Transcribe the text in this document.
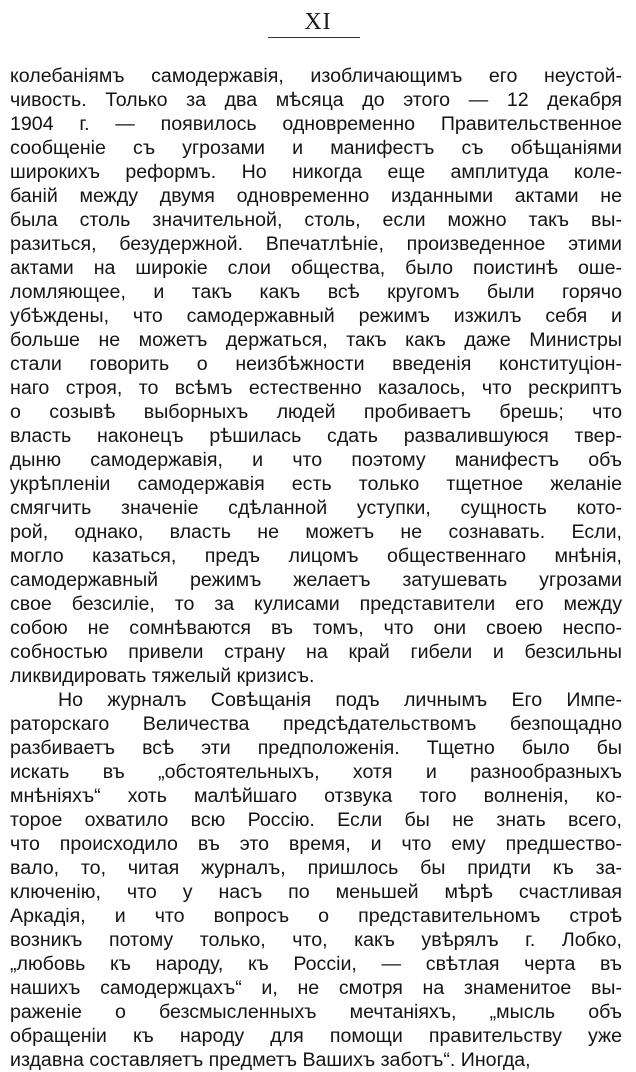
XI
колебаніямъ самодержавія, изобличающимъ его неустой-
чивость. Только за два мѣсяца до этого — 12 декабря
1904 г. — появилось одновременно Правительственное
сообщеніе съ угрозами и манифестъ съ обѣщаніями
широкихъ реформъ. Но никогда еще амплитуда коле-
баній между двумя одновременно изданными актами не
была столь значительной, столь, если можно такъ вы-
разиться, безудержной. Впечатлѣніе, произведенное этими
актами на широкіе слои общества, было поистинѣ ошe-
ломляющее, и такъ какъ всѣ кругомъ были горячо
убѣждены, что самодержавный режимъ изжилъ себя и
больше не можетъ держаться, такъ какъ даже Министры
стали говорить о неизбѣжности введенія конституціон-
наго строя, то всѣмъ естественно казалось, что рескриптъ
о созывѣ выборныхъ людей пробиваетъ брешь; что
власть наконецъ рѣшилась сдать развалившуюся твер-
дыню самодержавія, и что поэтому манифестъ объ
укрѣпленіи самодержавія есть только тщетное желаніе
смягчить значеніе сдѣланной уступки, сущность кото-
рой, однако, власть не можетъ не сознавать. Если,
могло казаться, предъ лицомъ общественнаго мнѣнія,
самодержавный режимъ желаетъ затушевать угрозами
свое безсиліе, то за кулисами представители его между
собою не сомнѣваются въ томъ, что они своею неспо-
собностью привели страну на край гибели и безсильны
ликвидировать тяжелый кризисъ.
Но журналъ Совѣщанія подъ личнымъ Его Импе-
раторскаго Величества предсѣдательствомъ безпощадно
разбиваетъ всѣ эти предположенія. Тщетно было бы
искать въ „обстоятельныхъ, хотя и разнообразныхъ
мнѣніяхъ“ хоть малѣйшаго отзвука того волненія, ко-
торое охватило всю Россію. Если бы не знать всего,
что происходило въ это время, и что ему предшество-
вало, то, читая журналъ, пришлось бы придти къ за-
ключенію, что у насъ по меньшей мѣрѣ счастливая
Аркадія, и что вопросъ о представительномъ строѣ
возникъ потому только, что, какъ увѣрялъ г. Лобко,
„любовь къ народу, къ Россіи, — свѣтлая черта въ
нашихъ самодержцахъ“ и, не смотря на знаменитое вы-
раженіе о безсмысленныхъ мечтаніяхъ, „мысль объ
обращеніи къ народу для помощи правительству уже
издавна составляетъ предметъ Вашихъ заботъ“. Иногда,
